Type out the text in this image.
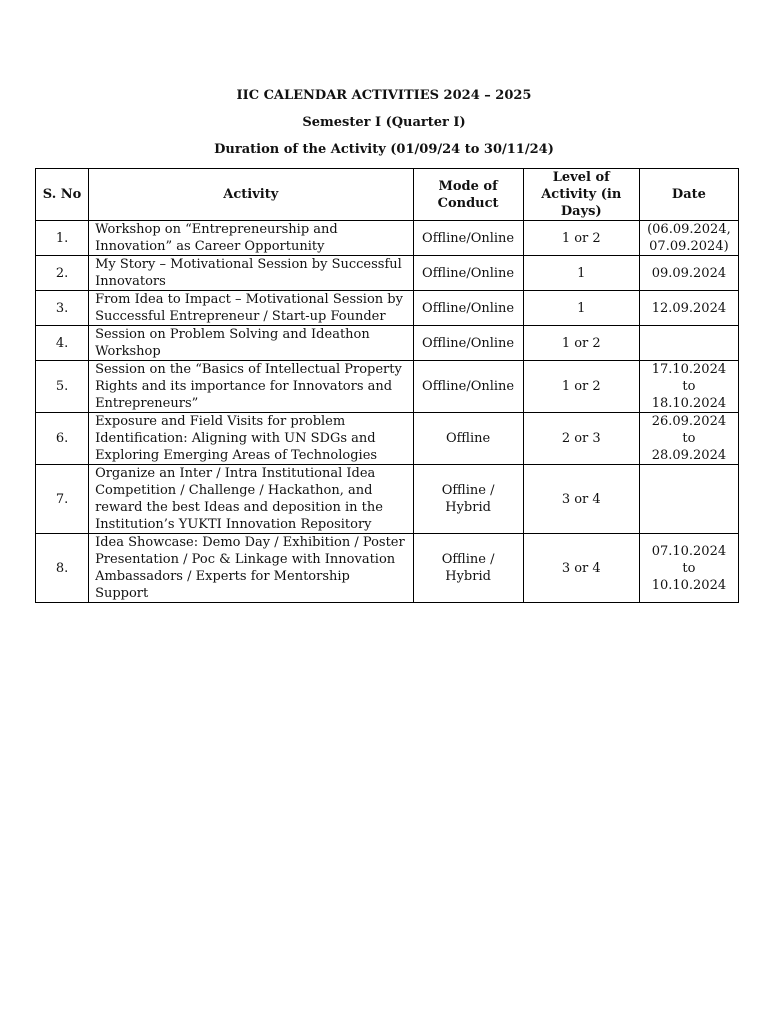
IIC CALENDAR ACTIVITIES 2024 – 2025
Semester I (Quarter I)
Duration of the Activity (01/09/24 to 30/11/24)
S. No	Activity	Mode of Conduct	Level of Activity (in Days)	Date
1.	Workshop on “Entrepreneurship and Innovation” as Career Opportunity	Offline/Online	1 or 2	(06.09.2024, 07.09.2024)
2.	My Story – Motivational Session by Successful Innovators	Offline/Online	1	09.09.2024
3.	From Idea to Impact – Motivational Session by Successful Entrepreneur / Start-up Founder	Offline/Online	1	12.09.2024
4.	Session on Problem Solving and Ideathon Workshop	Offline/Online	1 or 2	
5.	Session on the “Basics of Intellectual Property Rights and its importance for Innovators and Entrepreneurs”	Offline/Online	1 or 2	17.10.2024 to 18.10.2024
6.	Exposure and Field Visits for problem Identification: Aligning with UN SDGs and Exploring Emerging Areas of Technologies	Offline	2 or 3	26.09.2024 to 28.09.2024
7.	Organize an Inter / Intra Institutional Idea Competition / Challenge / Hackathon, and reward the best Ideas and deposition in the Institution’s YUKTI Innovation Repository	Offline / Hybrid	3 or 4	
8.	Idea Showcase: Demo Day / Exhibition / Poster Presentation / Poc & Linkage with Innovation Ambassadors / Experts for Mentorship Support	Offline / Hybrid	3 or 4	07.10.2024 to 10.10.2024
